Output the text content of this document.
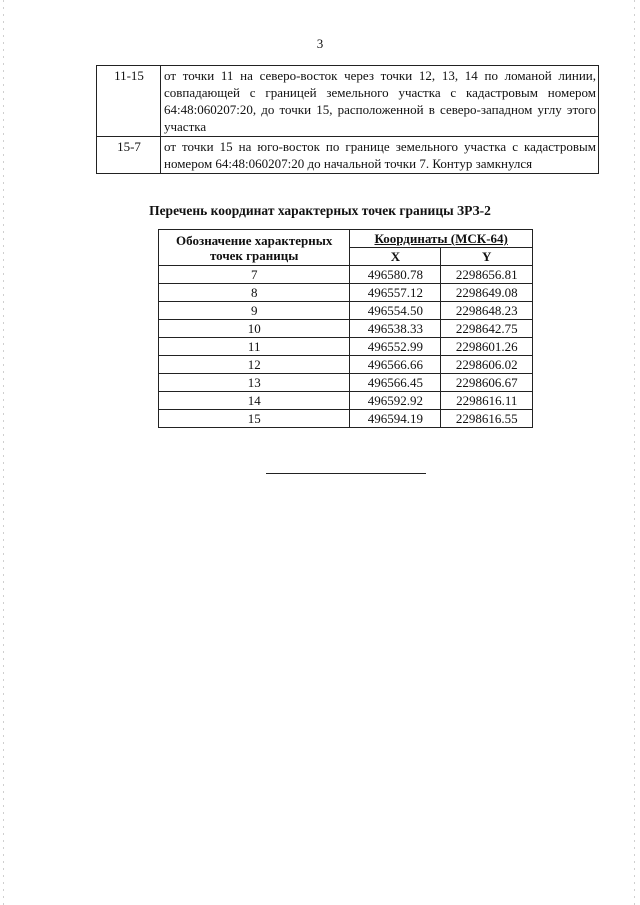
3
11-15	от точки 11 на северо-восток через точки 12, 13, 14 по ломаной линии, совпадающей с границей земельного участка с кадастровым номером 64:48:060207:20, до точки 15, расположенной в северо-западном углу этого участка
15-7	от точки 15 на юго-восток по границе земельного участка с кадастровым номером 64:48:060207:20 до начальной точки 7. Контур замкнулся
Перечень координат характерных точек границы ЗРЗ-2
Обозначение характерных точек границы	Координаты (МСК-64)	
	X	Y
7	496580.78	2298656.81
8	496557.12	2298649.08
9	496554.50	2298648.23
10	496538.33	2298642.75
11	496552.99	2298601.26
12	496566.66	2298606.02
13	496566.45	2298606.67
14	496592.92	2298616.11
15	496594.19	2298616.55
